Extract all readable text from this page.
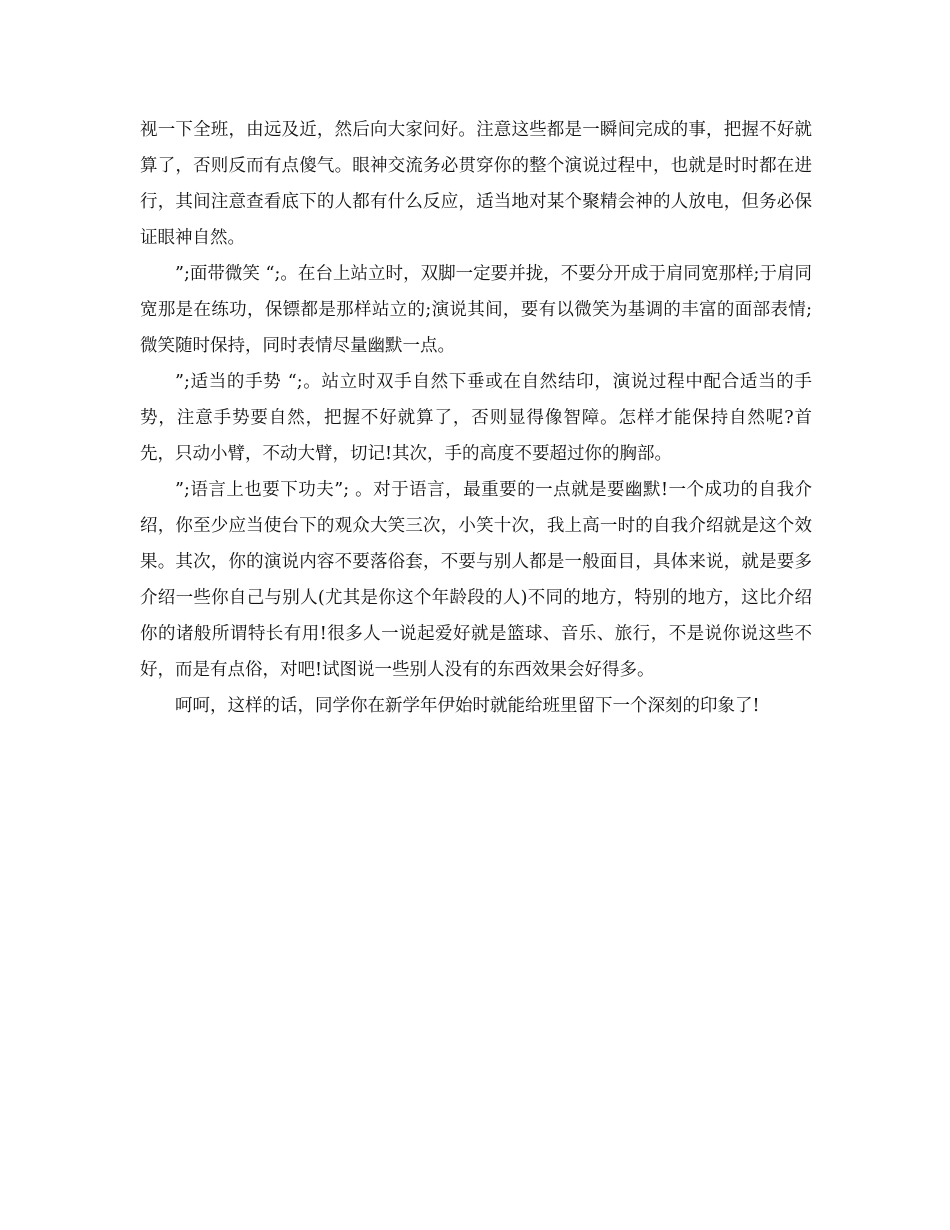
视一下全班，由远及近，然后向大家问好。注意这些都是一瞬间完成的事，把握不好就算了，否则反而有点傻气。眼神交流务必贯穿你的整个演说过程中，也就是时时都在进行，其间注意查看底下的人都有什么反应，适当地对某个聚精会神的人放电，但务必保证眼神自然。

”;面带微笑 “;。在台上站立时，双脚一定要并拢，不要分开成于肩同宽那样;于肩同宽那是在练功，保镖都是那样站立的;演说其间，要有以微笑为基调的丰富的面部表情;微笑随时保持，同时表情尽量幽默一点。

”;适当的手势 “;。站立时双手自然下垂或在自然结印，演说过程中配合适当的手势，注意手势要自然，把握不好就算了，否则显得像智障。怎样才能保持自然呢?首先，只动小臂，不动大臂，切记!其次，手的高度不要超过你的胸部。

”;语言上也要下功夫”; 。对于语言，最重要的一点就是要幽默!一个成功的自我介绍，你至少应当使台下的观众大笑三次，小笑十次，我上高一时的自我介绍就是这个效果。其次，你的演说内容不要落俗套，不要与别人都是一般面目，具体来说，就是要多介绍一些你自己与别人(尤其是你这个年龄段的人)不同的地方，特别的地方，这比介绍你的诸般所谓特长有用!很多人一说起爱好就是篮球、音乐、旅行，不是说你说这些不好，而是有点俗，对吧!试图说一些别人没有的东西效果会好得多。

呵呵，这样的话，同学你在新学年伊始时就能给班里留下一个深刻的印象了!
